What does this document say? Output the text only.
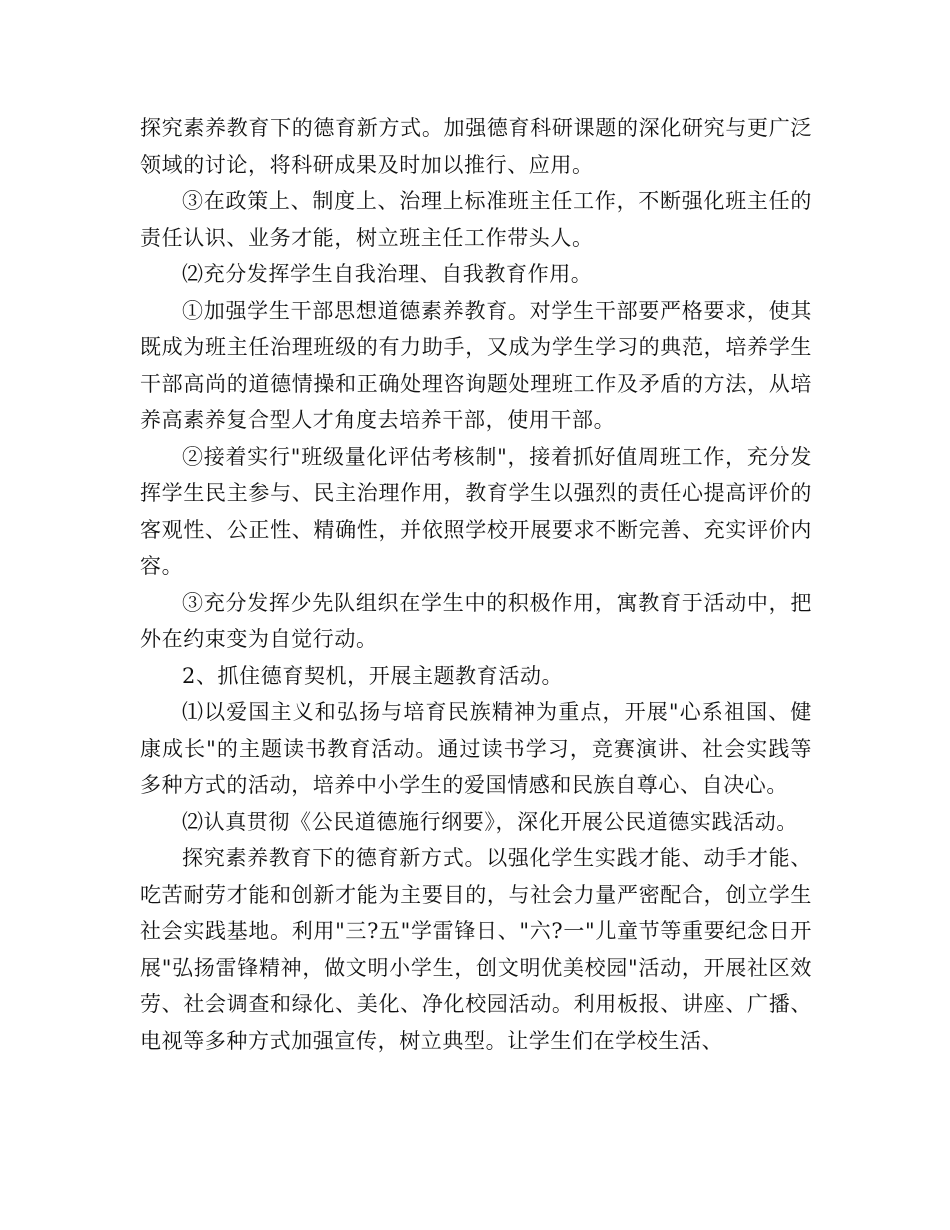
探究素养教育下的德育新方式。加强德育科研课题的深化研究与更广泛领域的讨论，将科研成果及时加以推行、应用。

③在政策上、制度上、治理上标准班主任工作，不断强化班主任的责任认识、业务才能，树立班主任工作带头人。

⑵充分发挥学生自我治理、自我教育作用。

①加强学生干部思想道德素养教育。对学生干部要严格要求，使其既成为班主任治理班级的有力助手，又成为学生学习的典范，培养学生干部高尚的道德情操和正确处理咨询题处理班工作及矛盾的方法，从培养高素养复合型人才角度去培养干部，使用干部。

②接着实行"班级量化评估考核制"，接着抓好值周班工作，充分发挥学生民主参与、民主治理作用，教育学生以强烈的责任心提高评价的客观性、公正性、精确性，并依照学校开展要求不断完善、充实评价内容。

③充分发挥少先队组织在学生中的积极作用，寓教育于活动中，把外在约束变为自觉行动。

2、抓住德育契机，开展主题教育活动。

⑴以爱国主义和弘扬与培育民族精神为重点，开展"心系祖国、健康成长"的主题读书教育活动。通过读书学习，竞赛演讲、社会实践等多种方式的活动，培养中小学生的爱国情感和民族自尊心、自决心。

⑵认真贯彻《公民道德施行纲要》，深化开展公民道德实践活动。

探究素养教育下的德育新方式。以强化学生实践才能、动手才能、吃苦耐劳才能和创新才能为主要目的，与社会力量严密配合，创立学生社会实践基地。利用"三?五"学雷锋日、"六?一"儿童节等重要纪念日开展"弘扬雷锋精神，做文明小学生，创文明优美校园"活动，开展社区效劳、社会调查和绿化、美化、净化校园活动。利用板报、讲座、广播、电视等多种方式加强宣传，树立典型。让学生们在学校生活、
